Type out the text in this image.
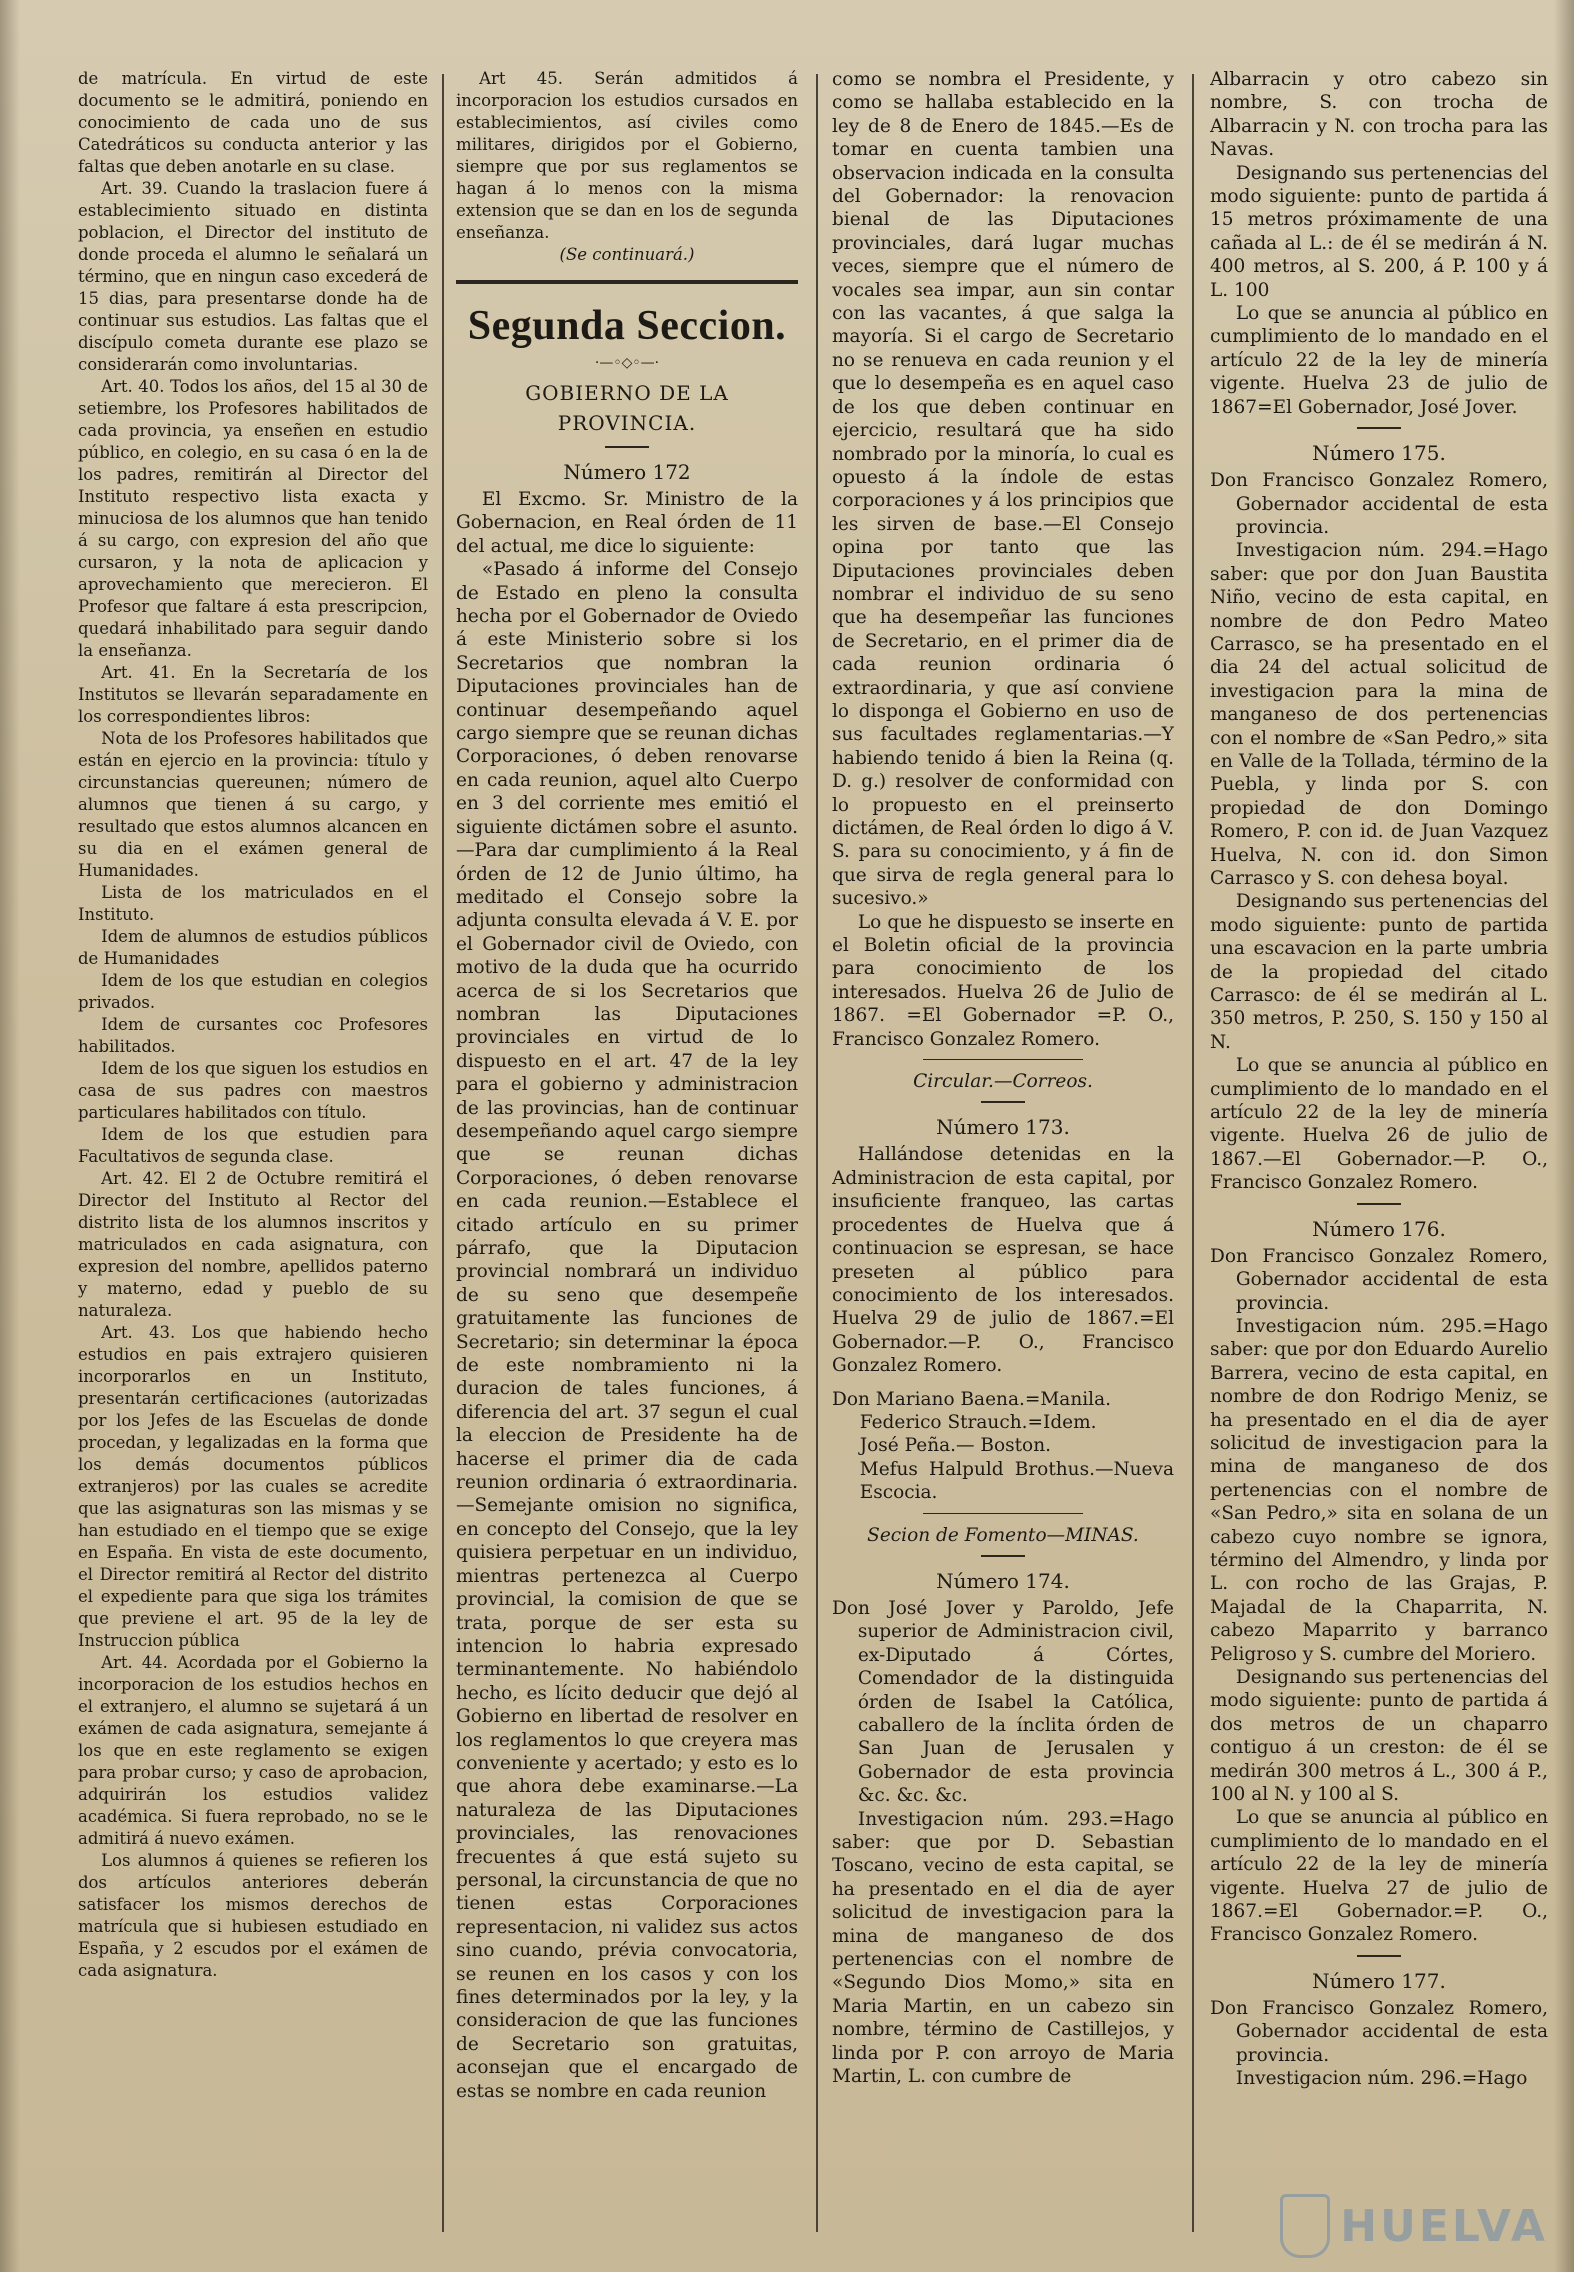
de matrícula. En virtud de este documento se le admitirá, poniendo en conocimiento de cada uno de sus Catedráticos su conducta anterior y las faltas que deben anotarle en su clase.

Art. 39. Cuando la traslacion fuere á establecimiento situado en distinta poblacion, el Director del instituto de donde proceda el alumno le señalará un término, que en ningun caso excederá de 15 dias, para presentarse donde ha de continuar sus estudios. Las faltas que el discípulo cometa durante ese plazo se considerarán como involuntarias.

Art. 40. Todos los años, del 15 al 30 de setiembre, los Profesores habilitados de cada provincia, ya enseñen en estudio público, en colegio, en su casa ó en la de los padres, remitirán al Director del Instituto respectivo lista exacta y minuciosa de los alumnos que han tenido á su cargo, con expresion del año que cursaron, y la nota de aplicacion y aprovechamiento que merecieron. El Profesor que faltare á esta prescripcion, quedará inhabilitado para seguir dando la enseñanza.

Art. 41. En la Secretaría de los Institutos se llevarán separadamente en los correspondientes libros:

Nota de los Profesores habilitados que están en ejercio en la provincia: título y circunstancias quereunen; número de alumnos que tienen á su cargo, y resultado que estos alumnos alcancen en su dia en el exámen general de Humanidades.

Lista de los matriculados en el Instituto.

Idem de alumnos de estudios públicos de Humanidades

Idem de los que estudian en colegios privados.

Idem de cursantes coc Profesores habilitados.

Idem de los que siguen los estudios en casa de sus padres con maestros particulares habilitados con título.

Idem de los que estudien para Facultativos de segunda clase.

Art. 42. El 2 de Octubre remitirá el Director del Instituto al Rector del distrito lista de los alumnos inscritos y matriculados en cada asignatura, con expresion del nombre, apellidos paterno y materno, edad y pueblo de su naturaleza.

Art. 43. Los que habiendo hecho estudios en pais extrajero quisieren incorporarlos en un Instituto, presentarán certificaciones (autorizadas por los Jefes de las Escuelas de donde procedan, y legalizadas en la forma que los demás documentos públicos extranjeros) por las cuales se acredite que las asignaturas son las mismas y se han estudiado en el tiempo que se exige en España. En vista de este documento, el Director remitirá al Rector del distrito el expediente para que siga los trámites que previene el art. 95 de la ley de Instruccion pública

Art. 44. Acordada por el Gobierno la incorporacion de los estudios hechos en el extranjero, el alumno se sujetará á un exámen de cada asignatura, semejante á los que en este reglamento se exigen para probar curso; y caso de aprobacion, adquirirán los estudios validez académica. Si fuera reprobado, no se le admitirá á nuevo exámen.

Los alumnos á quienes se refieren los dos artículos anteriores deberán satisfacer los mismos derechos de matrícula que si hubiesen estudiado en España, y 2 escudos por el exámen de cada asignatura.

Art 45. Serán admitidos á incorporacion los estudios cursados en establecimientos, así civiles como militares, dirigidos por el Gobierno, siempre que por sus reglamentos se hagan á lo menos con la misma extension que se dan en los de segunda enseñanza.

(Se continuará.)

Segunda Seccion.
·—◦◇◦—·
GOBIERNO DE LA PROVINCIA.
Número 172

El Excmo. Sr. Ministro de la Gobernacion, en Real órden de 11 del actual, me dice lo siguiente:

«Pasado á informe del Consejo de Estado en pleno la consulta hecha por el Gobernador de Oviedo á este Ministerio sobre si los Secretarios que nombran la Diputaciones provinciales han de continuar desempeñando aquel cargo siempre que se reunan dichas Corporaciones, ó deben renovarse en cada reunion, aquel alto Cuerpo en 3 del corriente mes emitió el siguiente dictámen sobre el asunto.—Para dar cumplimiento á la Real órden de 12 de Junio último, ha meditado el Consejo sobre la adjunta consulta elevada á V. E. por el Gobernador civil de Oviedo, con motivo de la duda que ha ocurrido acerca de si los Secretarios que nombran las Diputaciones provinciales en virtud de lo dispuesto en el art. 47 de la ley para el gobierno y administracion de las provincias, han de continuar desempeñando aquel cargo siempre que se reunan dichas Corporaciones, ó deben renovarse en cada reunion.—Establece el citado artículo en su primer párrafo, que la Diputacion provincial nombrará un individuo de su seno que desempeñe gratuitamente las funciones de Secretario; sin determinar la época de este nombramiento ni la duracion de tales funciones, á diferencia del art. 37 segun el cual la eleccion de Presidente ha de hacerse el primer dia de cada reunion ordinaria ó extraordinaria.—Semejante omision no significa, en concepto del Consejo, que la ley quisiera perpetuar en un individuo, mientras pertenezca al Cuerpo provincial, la comision de que se trata, porque de ser esta su intencion lo habria expresado terminantemente. No habiéndolo hecho, es lícito deducir que dejó al Gobierno en libertad de resolver en los reglamentos lo que creyera mas conveniente y acertado; y esto es lo que ahora debe examinarse.—La naturaleza de las Diputaciones provinciales, las renovaciones frecuentes á que está sujeto su personal, la circunstancia de que no tienen estas Corporaciones representacion, ni validez sus actos sino cuando, prévia convocatoria, se reunen en los casos y con los fines determinados por la ley, y la consideracion de que las funciones de Secretario son gratuitas, aconsejan que el encargado de estas se nombre en cada reunion

como se nombra el Presidente, y como se hallaba establecido en la ley de 8 de Enero de 1845.—Es de tomar en cuenta tambien una observacion indicada en la consulta del Gobernador: la renovacion bienal de las Diputaciones provinciales, dará lugar muchas veces, siempre que el número de vocales sea impar, aun sin contar con las vacantes, á que salga la mayoría. Si el cargo de Secretario no se renueva en cada reunion y el que lo desempeña es en aquel caso de los que deben continuar en ejercicio, resultará que ha sido nombrado por la minoría, lo cual es opuesto á la índole de estas corporaciones y á los principios que les sirven de base.—El Consejo opina por tanto que las Diputaciones provinciales deben nombrar el individuo de su seno que ha desempeñar las funciones de Secretario, en el primer dia de cada reunion ordinaria ó extraordinaria, y que así conviene lo disponga el Gobierno en uso de sus facultades reglamentarias.—Y habiendo tenido á bien la Reina (q. D. g.) resolver de conformidad con lo propuesto en el preinserto dictámen, de Real órden lo digo á V. S. para su conocimiento, y á fin de que sirva de regla general para lo sucesivo.»

Lo que he dispuesto se inserte en el Boletin oficial de la provincia para conocimiento de los interesados. Huelva 26 de Julio de 1867. =El Gobernador =P. O., Francisco Gonzalez Romero.

Circular.—Correos.

Número 173.

Hallándose detenidas en la Administracion de esta capital, por insuficiente franqueo, las cartas procedentes de Huelva que á continuacion se espresan, se hace preseten al público para conocimiento de los interesados. Huelva 29 de julio de 1867.=El Gobernador.—P. O., Francisco Gonzalez Romero.

Don Mariano Baena.=Manila.

Federico Strauch.=Idem.

José Peña.— Boston.

Mefus Halpuld Brothus.—Nueva Escocia.

Secion de Fomento—MINAS.

Número 174.

Don José Jover y Paroldo, Jefe superior de Administracion civil, ex-Diputado á Córtes, Comendador de la distinguida órden de Isabel la Católica, caballero de la ínclita órden de San Juan de Jerusalen y Gobernador de esta provincia &c. &c. &c.

Investigacion núm. 293.=Hago saber: que por D. Sebastian Toscano, vecino de esta capital, se ha presentado en el dia de ayer solicitud de investigacion para la mina de manganeso de dos pertenencias con el nombre de «Segundo Dios Momo,» sita en Maria Martin, en un cabezo sin nombre, término de Castillejos, y linda por P. con arroyo de Maria Martin, L. con cumbre de

Albarracin y otro cabezo sin nombre, S. con trocha de Albarracin y N. con trocha para las Navas.

Designando sus pertenencias del modo siguiente: punto de partida á 15 metros próximamente de una cañada al L.: de él se medirán á N. 400 metros, al S. 200, á P. 100 y á L. 100

Lo que se anuncia al público en cumplimiento de lo mandado en el artículo 22 de la ley de minería vigente. Huelva 23 de julio de 1867=El Gobernador, José Jover.

Número 175.

Don Francisco Gonzalez Romero, Gobernador accidental de esta provincia.

Investigacion núm. 294.=Hago saber: que por don Juan Baustita Niño, vecino de esta capital, en nombre de don Pedro Mateo Carrasco, se ha presentado en el dia 24 del actual solicitud de investigacion para la mina de manganeso de dos pertenencias con el nombre de «San Pedro,» sita en Valle de la Tollada, término de la Puebla, y linda por S. con propiedad de don Domingo Romero, P. con id. de Juan Vazquez Huelva, N. con id. don Simon Carrasco y S. con dehesa boyal.

Designando sus pertenencias del modo siguiente: punto de partida una escavacion en la parte umbria de la propiedad del citado Carrasco: de él se medirán al L. 350 metros, P. 250, S. 150 y 150 al N.

Lo que se anuncia al público en cumplimiento de lo mandado en el artículo 22 de la ley de minería vigente. Huelva 26 de julio de 1867.—El Gobernador.—P. O., Francisco Gonzalez Romero.

Número 176.

Don Francisco Gonzalez Romero, Gobernador accidental de esta provincia.

Investigacion núm. 295.=Hago saber: que por don Eduardo Aurelio Barrera, vecino de esta capital, en nombre de don Rodrigo Meniz, se ha presentado en el dia de ayer solicitud de investigacion para la mina de manganeso de dos pertenencias con el nombre de «San Pedro,» sita en solana de un cabezo cuyo nombre se ignora, término del Almendro, y linda por L. con rocho de las Grajas, P. Majadal de la Chaparrita, N. cabezo Maparrito y barranco Peligroso y S. cumbre del Moriero.

Designando sus pertenencias del modo siguiente: punto de partida á dos metros de un chaparro contiguo á un creston: de él se medirán 300 metros á L., 300 á P., 100 al N. y 100 al S.

Lo que se anuncia al público en cumplimiento de lo mandado en el artículo 22 de la ley de minería vigente. Huelva 27 de julio de 1867.=El Gobernador.=P. O., Francisco Gonzalez Romero.

Número 177.

Don Francisco Gonzalez Romero, Gobernador accidental de esta provincia.

Investigacion núm. 296.=Hago

HUELVA
